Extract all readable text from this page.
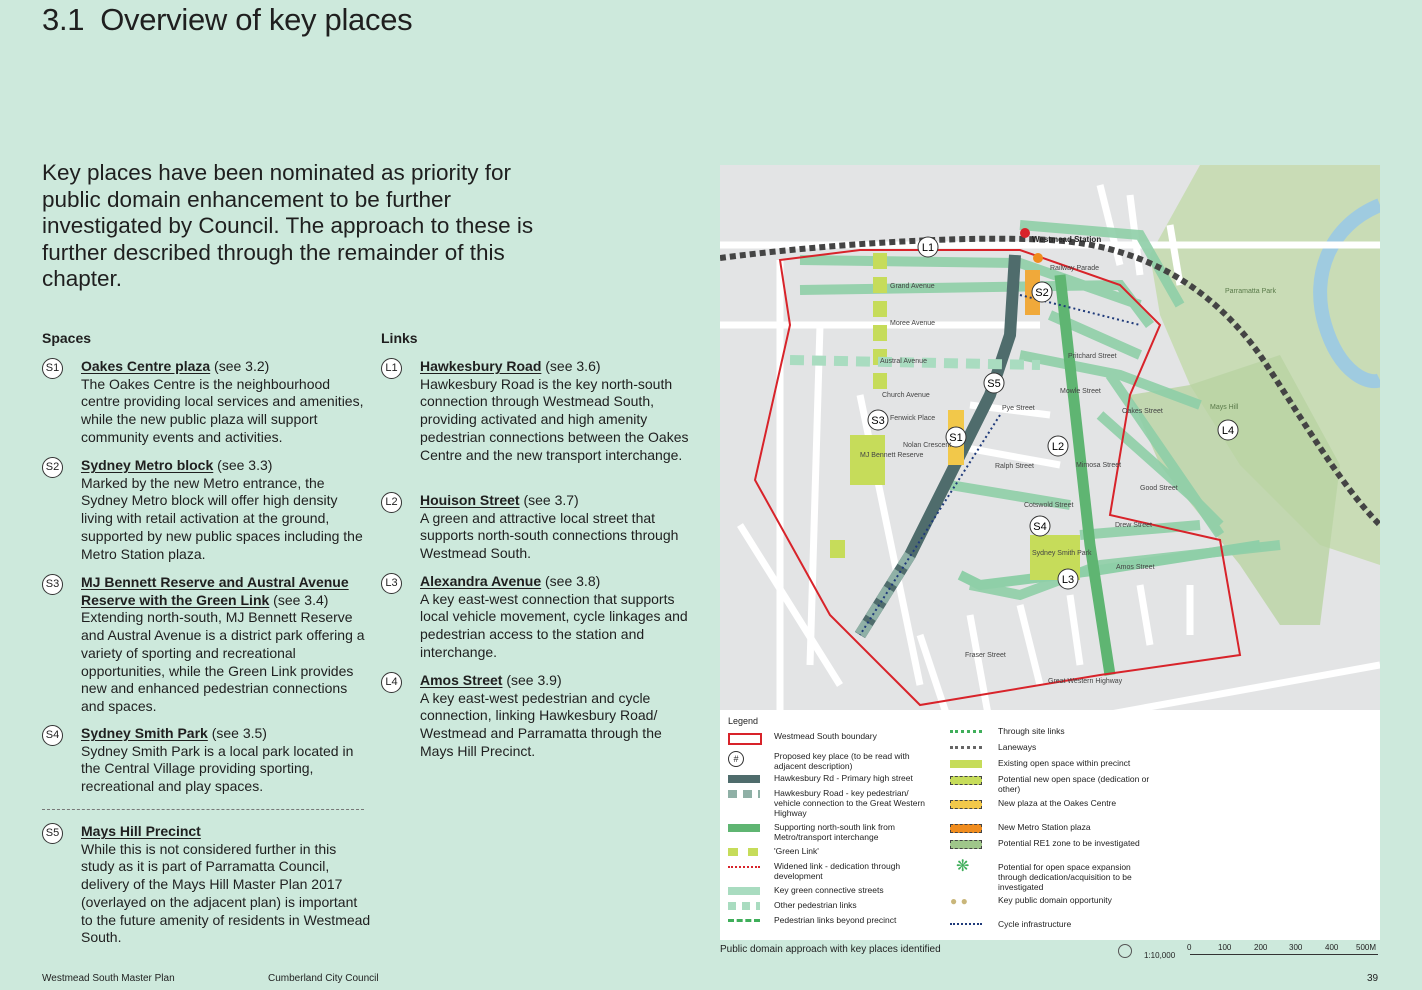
3.1 Overview of key places

Key places have been nominated as priority for public domain enhancement to be further investigated by Council. The approach to these is further described through the remainder of this chapter.

Spaces	Links
S1 Oakes Centre plaza (see 3.2)
The Oakes Centre is the neighbourhood centre providing local services and amenities, while the new public plaza will support community events and activities.
S2 Sydney Metro block (see 3.3)
Marked by the new Metro entrance, the Sydney Metro block will offer high density living with retail activation at the ground, supported by new public spaces including the Metro Station plaza.
S3 MJ Bennett Reserve and Austral Avenue Reserve with the Green Link (see 3.4)
Extending north-south, MJ Bennett Reserve and Austral Avenue is a district park offering a variety of sporting and recreational opportunities, while the Green Link provides new and enhanced pedestrian connections and spaces.
S4 Sydney Smith Park (see 3.5)
Sydney Smith Park is a local park located in the Central Village providing sporting, recreational and play spaces.
S5 Mays Hill Precinct
While this is not considered further in this study as it is part of Parramatta Council, delivery of the Mays Hill Master Plan 2017 (overlayed on the adjacent plan) is important to the future amenity of residents in Westmead South.
L1	Hawkesbury Road (see 3.6)
Hawkesbury Road is the key north-south connection through Westmead South, providing activated and high amenity pedestrian connections between the Oakes Centre and the new transport interchange.
L2	Houison Street (see 3.7)
A green and attractive local street that supports north-south connections through Westmead South.
L3	Alexandra Avenue (see 3.8)
A key east-west connection that supports local vehicle movement, cycle linkages and pedestrian access to the station and interchange.
L4	Amos Street (see 3.9)
A key east-west pedestrian and cycle connection, linking Hawkesbury Road/ Westmead and Parramatta through the Mays Hill Precinct.
L1
S2
S5
S3
S1
L2
S4
L3
L4
Westmead Station
Parramatta Park
Mays Hill
Grand Avenue
Moree Avenue
Austral Avenue
Church Avenue
Fenwick Place
Nolan Crescent
Pye Street
Ralph Street
Cotswold Street
Drew Street
Amos Street
Great Western Highway
Fraser Street
Railway Parade
Pritchard Street
Mowle Street
Mimosa Street
Good Street
Oakes Street
MJ Bennett Reserve
Sydney Smith Park
Legend
Westmead South boundary
#	Proposed key place (to be read with adjacent description)
Hawkesbury Rd - Primary high street
Hawkesbury Road - key pedestrian/ vehicle connection to the Great Western Highway
Supporting north-south link from Metro/transport interchange
'Green Link'
Widened link - dedication through development
Key green connective streets
Other pedestrian links
Pedestrian links beyond precinct
Through site links
Laneways
Existing open space within precinct
Potential new open space (dedication or other)
New plaza at the Oakes Centre
New Metro Station plaza
Potential RE1 zone to be investigated
❋	Potential for open space expansion through dedication/acquisition to be investigated
● ●	Key public domain opportunity
Cycle infrastructure
Public domain approach with key places identified
1:10,000
0	100	200	300	400 500M
Westmead South Master Plan	Cumberland City Council	39
